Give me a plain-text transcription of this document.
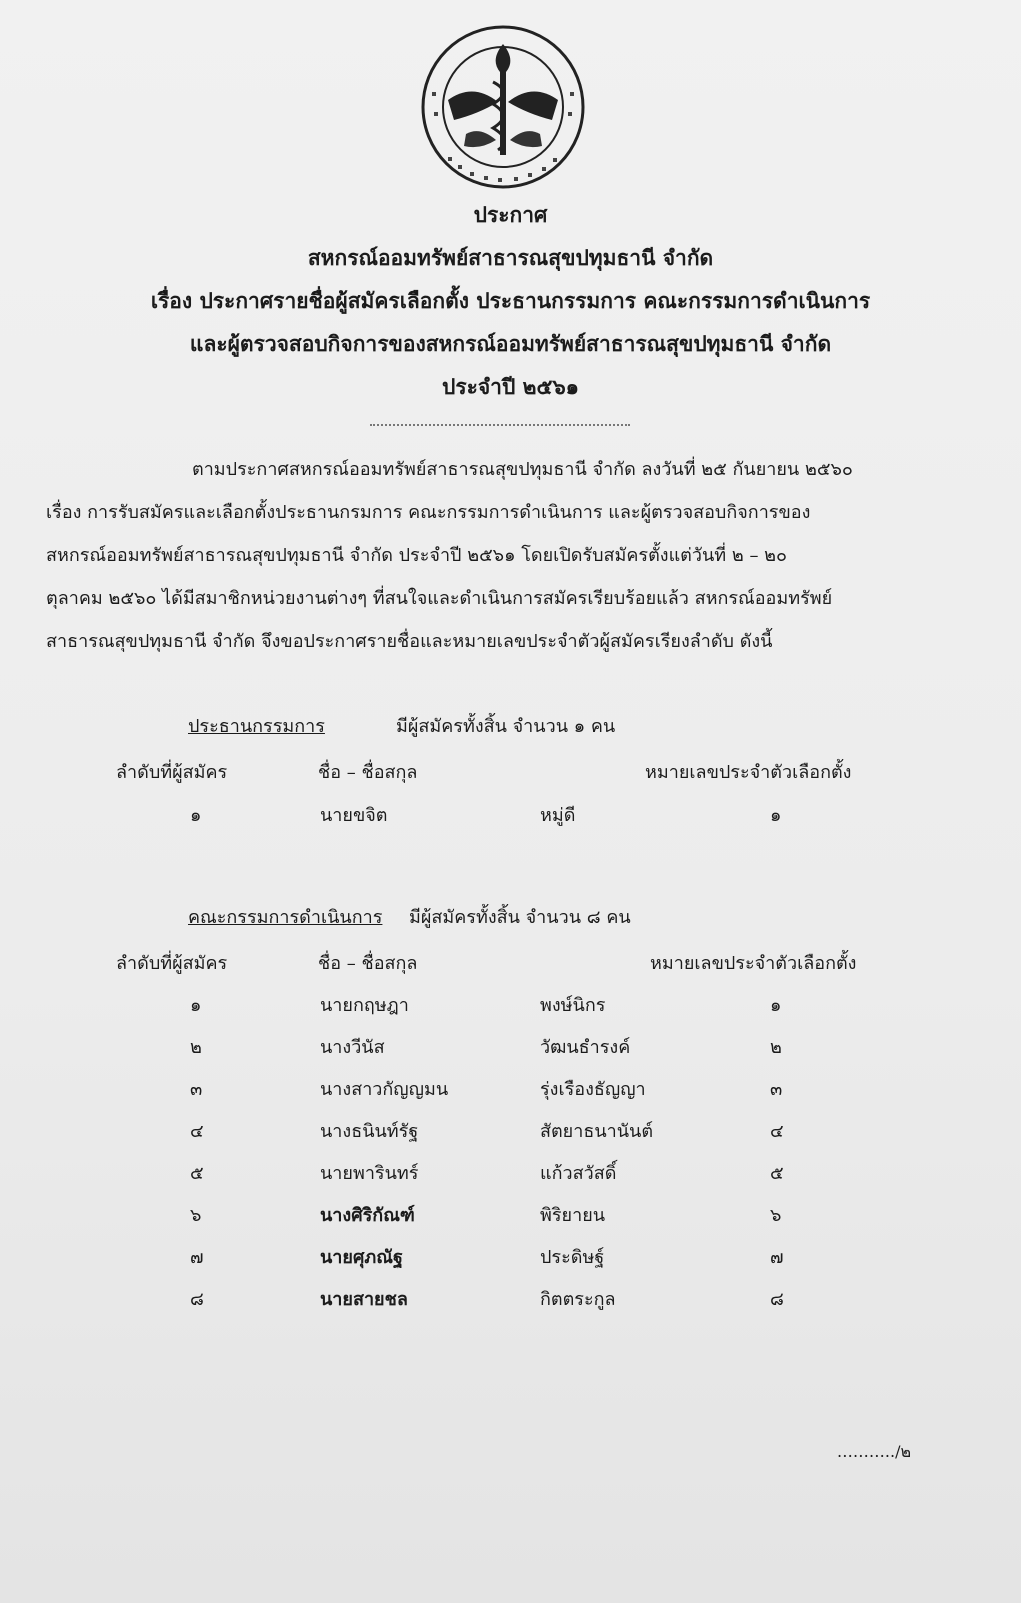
ประกาศ
สหกรณ์ออมทรัพย์สาธารณสุขปทุมธานี จำกัด
เรื่อง ประกาศรายชื่อผู้สมัครเลือกตั้ง ประธานกรรมการ คณะกรรมการดำเนินการ
และผู้ตรวจสอบกิจการของสหกรณ์ออมทรัพย์สาธารณสุขปทุมธานี จำกัด
ประจำปี ๒๕๖๑
ตามประกาศสหกรณ์ออมทรัพย์สาธารณสุขปทุมธานี จำกัด ลงวันที่ ๒๕ กันยายน ๒๕๖๐
เรื่อง การรับสมัครและเลือกตั้งประธานกรมการ คณะกรรมการดำเนินการ และผู้ตรวจสอบกิจการของ
สหกรณ์ออมทรัพย์สาธารณสุขปทุมธานี จำกัด ประจำปี ๒๕๖๑ โดยเปิดรับสมัครตั้งแต่วันที่ ๒ – ๒๐
ตุลาคม ๒๕๖๐ ได้มีสมาชิกหน่วยงานต่างๆ ที่สนใจและดำเนินการสมัครเรียบร้อยแล้ว สหกรณ์ออมทรัพย์
สาธารณสุขปทุมธานี จำกัด จึงขอประกาศรายชื่อและหมายเลขประจำตัวผู้สมัครเรียงลำดับ ดังนี้
ประธานกรรมการ	มีผู้สมัครทั้งสิ้น จำนวน ๑ คน
ลำดับที่ผู้สมัคร	ชื่อ – ชื่อสกุล	หมายเลขประจำตัวเลือกตั้ง
๑	นายขจิต	หมู่ดี	๑
คณะกรรมการดำเนินการ มีผู้สมัครทั้งสิ้น จำนวน ๘ คน
ลำดับที่ผู้สมัคร	ชื่อ – ชื่อสกุล	หมายเลขประจำตัวเลือกตั้ง
๑	นายกฤษฎา	พงษ์นิกร	๑
๒	นางวีนัส	วัฒนธำรงค์	๒
๓	นางสาวกัญญมน	รุ่งเรืองธัญญา	๓
๔	นางธนินท์รัฐ	สัตยาธนานันต์	๔
๕	นายพารินทร์	แก้วสวัสดิ์	๕
๖	นางศิริกัณฑ์	พิริยายน	๖
๗	นายศุภณัฐ	ประดิษฐ์	๗
๘	นายสายชล	กิตตระกูล	๘
………../๒
